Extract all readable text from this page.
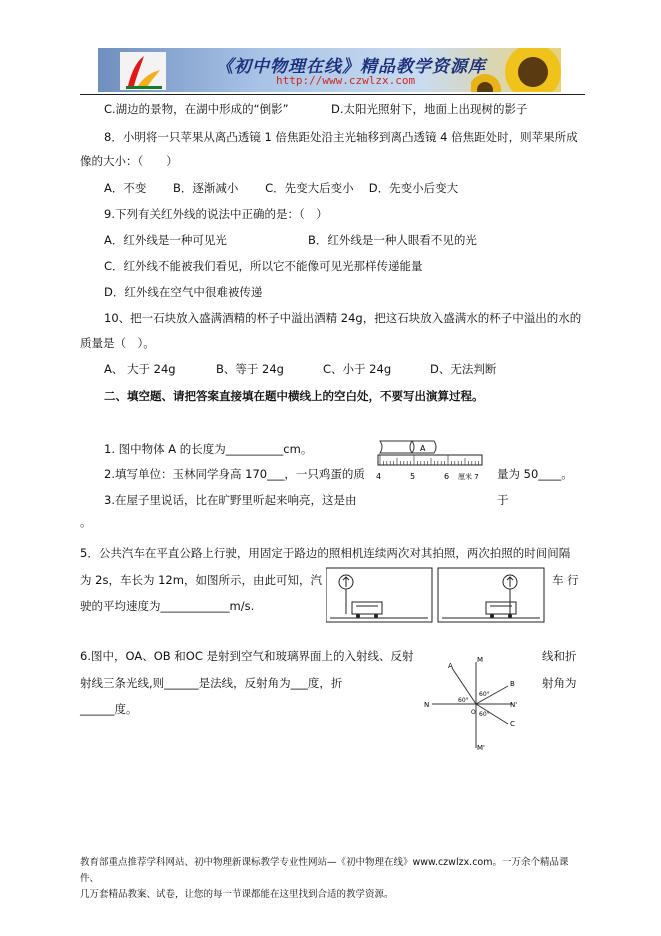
《初中物理在线》精品教学资源库
http://www.czwlzx.com
C.湖边的景物，在湖中形成的“倒影”	D.太阳光照射下，地面上出现树的影子
8．小明将一只苹果从离凸透镜 1 倍焦距处沿主光轴移到离凸透镜 4 倍焦距处时，则苹果所成
像的大小：（　　）
A．不变　　 B．逐渐减小　　 C．先变大后变小　 D．先变小后变大
9.下列有关红外线的说法中正确的是：（　）
A．红外线是一种可见光	B．红外线是一种人眼看不见的光
C．红外线不能被我们看见，所以它不能像可见光那样传递能量
D．红外线在空气中很难被传递
10、把一石块放入盛满酒精的杯子中溢出酒精 24g，把这石块放入盛满水的杯子中溢出的水的
质量是（　）。
A、 大于 24g	B、等于 24g	C、小于 24g	D、无法判断
二、填空题、请把答案直接填在题中横线上的空白处，不要写出演算过程。
1. 图中物体 A 的长度为__________cm。
2.填写单位：玉林同学身高 170___，一只鸡蛋的质	量为 50____。
3.在屋子里说话，比在旷野里听起来响亮，这是由	于
。
A
4	5	6 厘米 7
5．公共汽车在平直公路上行驶，用固定于路边的照相机连续两次对其拍照，两次拍照的时间间隔
为 2s，车长为 12m，如图所示，由此可知，汽	车 行
驶的平均速度为____________m/s.
6.图中，OA、OB 和OC 是射到空气和玻璃界面上的入射线、反射	线和折
射线三条光线,则______是法线，反射角为___度，折	射角为
______度。
A
B
C
N	N'
M
M'
O
60°
60°
60°
教育部重点推荐学科网站、初中物理新课标教学专业性网站—《初中物理在线》www.czwlzx.com。一万余个精品课件、
几万套精品教案、试卷，让您的每一节课都能在这里找到合适的教学资源。
